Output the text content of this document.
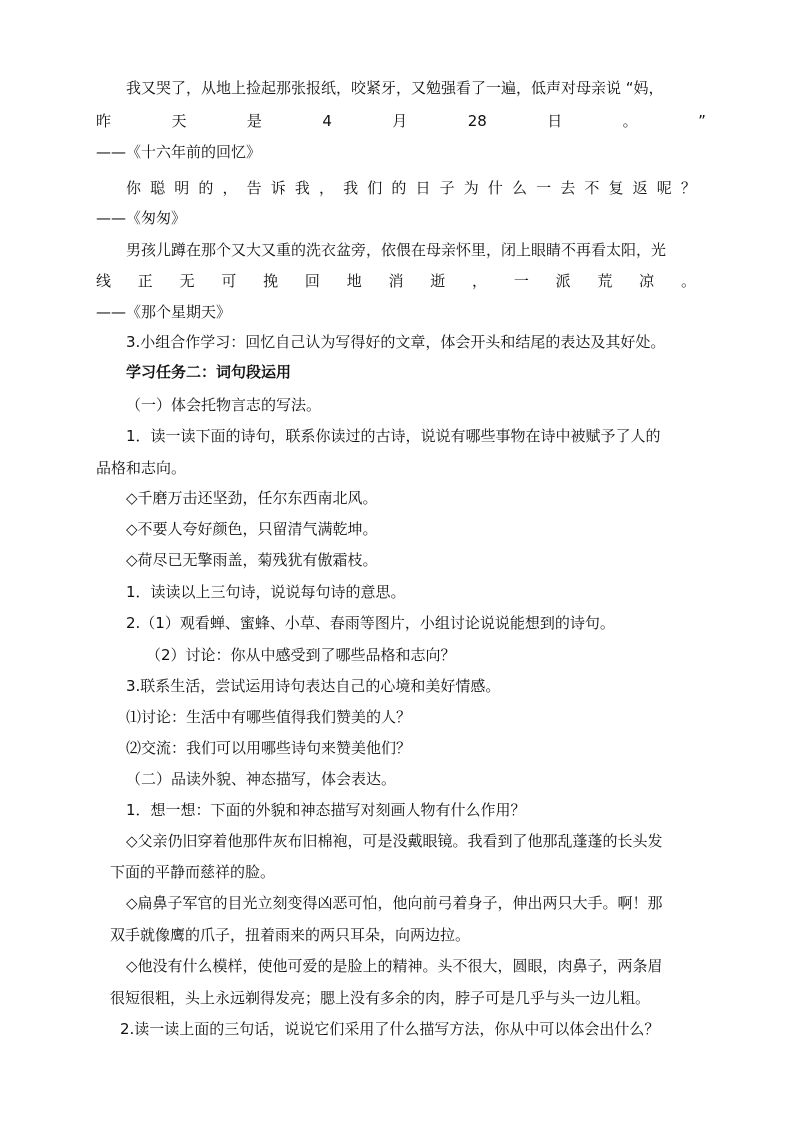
我又哭了，从地上捡起那张报纸，咬紧牙，又勉强看了一遍，低声对母亲说 “妈，
昨	天	是	4	月	28	日	。	”
——《十六年前的回忆》
你 聪 明 的 ， 告 诉 我 ， 我 们 的 日 子 为 什 么 一 去 不 复 返 呢 ？
——《匆匆》
男孩儿蹲在那个又大又重的洗衣盆旁，依偎在母亲怀里，闭上眼睛不再看太阳，光
线 正 无 可 挽 回 地 消 逝 ， 一 派 荒 凉 。
——《那个星期天》
3.小组合作学习：回忆自己认为写得好的文章，体会开头和结尾的表达及其好处。
学习任务二：词句段运用
（一）体会托物言志的写法。
1．读一读下面的诗句，联系你读过的古诗，说说有哪些事物在诗中被赋予了人的
品格和志向。
◇千磨万击还坚劲，任尔东西南北风。
◇不要人夸好颜色，只留清气满乾坤。
◇荷尽已无擎雨盖，菊残犹有傲霜枝。
1．读读以上三句诗，说说每句诗的意思。
2.（1）观看蝉、蜜蜂、小草、春雨等图片，小组讨论说说能想到的诗句。
（2）讨论：你从中感受到了哪些品格和志向？
3.联系生活，尝试运用诗句表达自己的心境和美好情感。
⑴讨论：生活中有哪些值得我们赞美的人？
⑵交流：我们可以用哪些诗句来赞美他们？
（二）品读外貌、神态描写，体会表达。
1．想一想：下面的外貌和神态描写对刻画人物有什么作用？
◇父亲仍旧穿着他那件灰布旧棉袍，可是没戴眼镜。我看到了他那乱蓬蓬的长头发
下面的平静而慈祥的脸。
◇扁鼻子军官的目光立刻变得凶恶可怕，他向前弓着身子，伸出两只大手。啊！那
双手就像鹰的爪子，扭着雨来的两只耳朵，向两边拉。
◇他没有什么模样，使他可爱的是脸上的精神。头不很大，圆眼，肉鼻子，两条眉
很短很粗，头上永远剃得发亮；腮上没有多余的肉，脖子可是几乎与头一边儿粗。
2.读一读上面的三句话，说说它们采用了什么描写方法，你从中可以体会出什么？
